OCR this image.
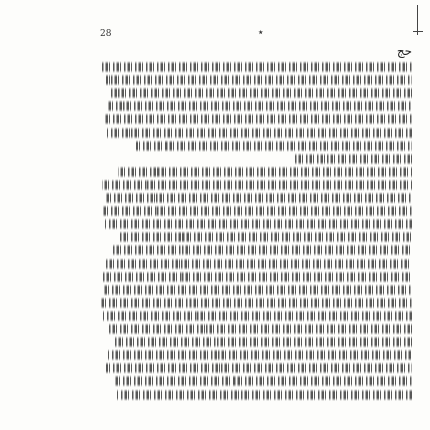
28	٭
حج
